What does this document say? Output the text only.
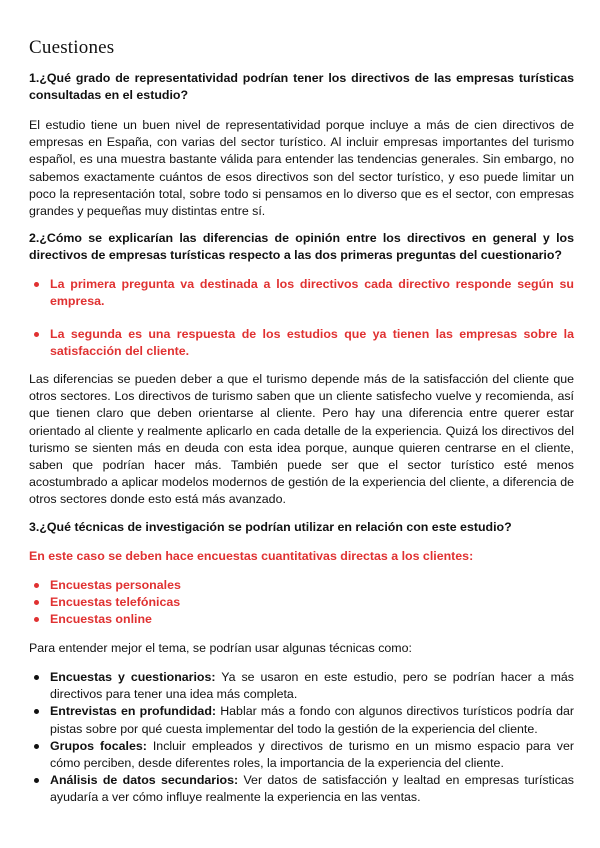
Cuestiones
1.¿Qué grado de representatividad podrían tener los directivos de las empresas turísticas consultadas en el estudio?
El estudio tiene un buen nivel de representatividad porque incluye a más de cien directivos de empresas en España, con varias del sector turístico. Al incluir empresas importantes del turismo español, es una muestra bastante válida para entender las tendencias generales. Sin embargo, no sabemos exactamente cuántos de esos directivos son del sector turístico, y eso puede limitar un poco la representación total, sobre todo si pensamos en lo diverso que es el sector, con empresas grandes y pequeñas muy distintas entre sí.
2.¿Cómo se explicarían las diferencias de opinión entre los directivos en general y los directivos de empresas turísticas respecto a las dos primeras preguntas del cuestionario?
La primera pregunta va destinada a los directivos cada directivo responde según su empresa.
La segunda es una respuesta de los estudios que ya tienen las empresas sobre la satisfacción del cliente.
Las diferencias se pueden deber a que el turismo depende más de la satisfacción del cliente que otros sectores. Los directivos de turismo saben que un cliente satisfecho vuelve y recomienda, así que tienen claro que deben orientarse al cliente. Pero hay una diferencia entre querer estar orientado al cliente y realmente aplicarlo en cada detalle de la experiencia. Quizá los directivos del turismo se sienten más en deuda con esta idea porque, aunque quieren centrarse en el cliente, saben que podrían hacer más. También puede ser que el sector turístico esté menos acostumbrado a aplicar modelos modernos de gestión de la experiencia del cliente, a diferencia de otros sectores donde esto está más avanzado.
3.¿Qué técnicas de investigación se podrían utilizar en relación con este estudio?
En este caso se deben hace encuestas cuantitativas directas a los clientes:
Encuestas personales
Encuestas telefónicas
Encuestas online
Para entender mejor el tema, se podrían usar algunas técnicas como:
Encuestas y cuestionarios: Ya se usaron en este estudio, pero se podrían hacer a más directivos para tener una idea más completa.
Entrevistas en profundidad: Hablar más a fondo con algunos directivos turísticos podría dar pistas sobre por qué cuesta implementar del todo la gestión de la experiencia del cliente.
Grupos focales: Incluir empleados y directivos de turismo en un mismo espacio para ver cómo perciben, desde diferentes roles, la importancia de la experiencia del cliente.
Análisis de datos secundarios: Ver datos de satisfacción y lealtad en empresas turísticas ayudaría a ver cómo influye realmente la experiencia en las ventas.
